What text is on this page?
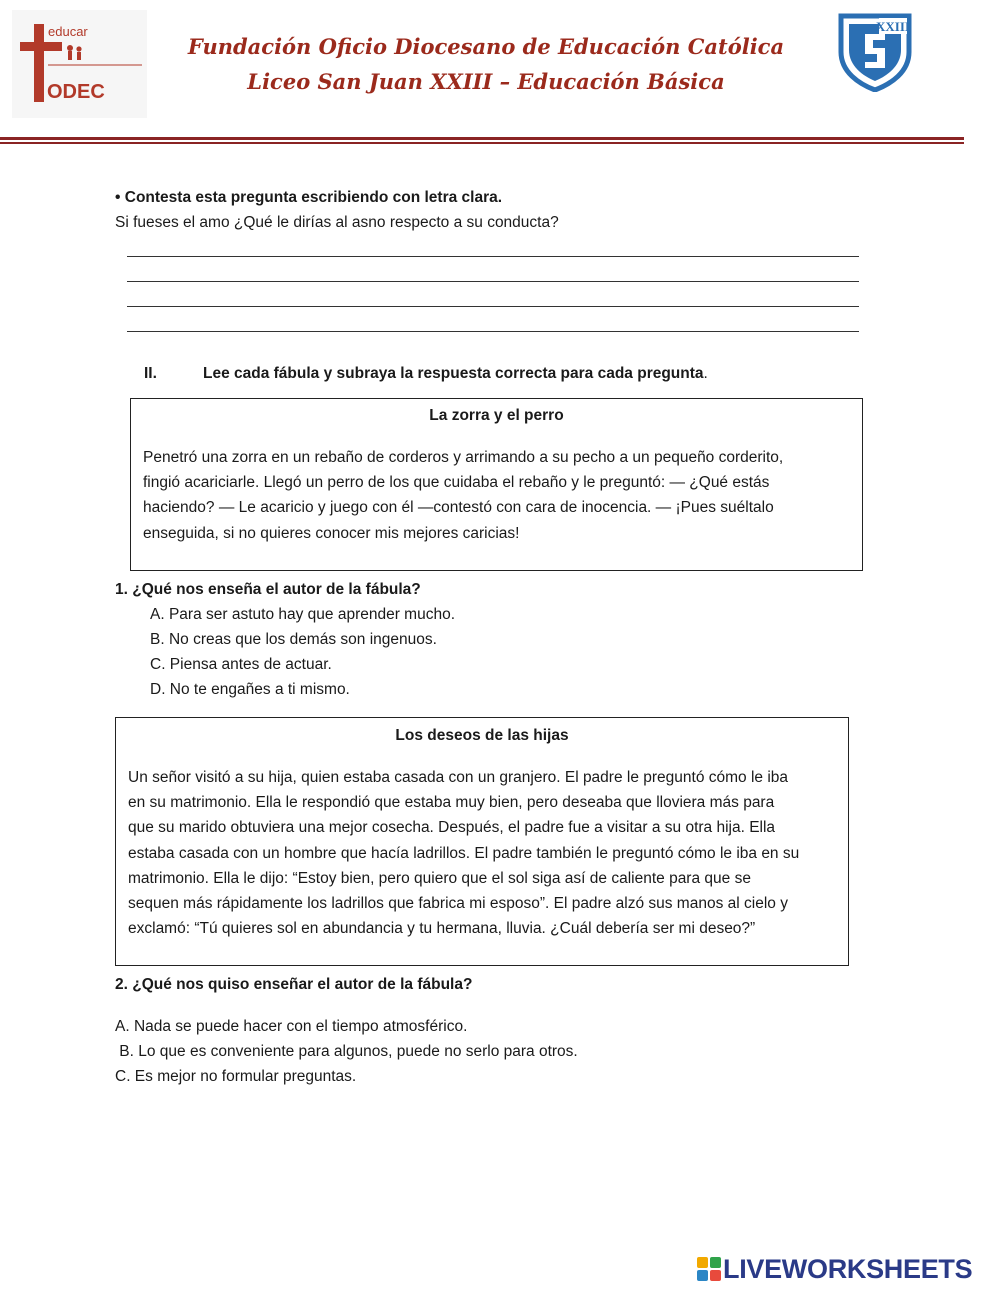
educar
ODEC
Fundación Oficio Diocesano de Educación Católica
Liceo San Juan XXIII – Educación Básica
XXIII
• Contesta esta pregunta escribiendo con letra clara.
Si fueses el amo ¿Qué le dirías al asno respecto a su conducta?
II.	Lee cada fábula y subraya la respuesta correcta para cada pregunta.
La zorra y el perro
Penetró una zorra en un rebaño de corderos y arrimando a su pecho a un pequeño corderito,
fingió acariciarle. Llegó un perro de los que cuidaba el rebaño y le preguntó: — ¿Qué estás
haciendo? — Le acaricio y juego con él —contestó con cara de inocencia. — ¡Pues suéltalo
enseguida, si no quieres conocer mis mejores caricias!
1. ¿Qué nos enseña el autor de la fábula?
A. Para ser astuto hay que aprender mucho.
B. No creas que los demás son ingenuos.
C. Piensa antes de actuar.
D. No te engañes a ti mismo.
Los deseos de las hijas
Un señor visitó a su hija, quien estaba casada con un granjero. El padre le preguntó cómo le iba
en su matrimonio. Ella le respondió que estaba muy bien, pero deseaba que lloviera más para
que su marido obtuviera una mejor cosecha. Después, el padre fue a visitar a su otra hija. Ella
estaba casada con un hombre que hacía ladrillos. El padre también le preguntó cómo le iba en su
matrimonio. Ella le dijo: “Estoy bien, pero quiero que el sol siga así de caliente para que se
sequen más rápidamente los ladrillos que fabrica mi esposo”. El padre alzó sus manos al cielo y
exclamó: “Tú quieres sol en abundancia y tu hermana, lluvia. ¿Cuál debería ser mi deseo?”
2. ¿Qué nos quiso enseñar el autor de la fábula?
A. Nada se puede hacer con el tiempo atmosférico.
B. Lo que es conveniente para algunos, puede no serlo para otros.
C. Es mejor no formular preguntas.
LIVEWORKSHEETS
